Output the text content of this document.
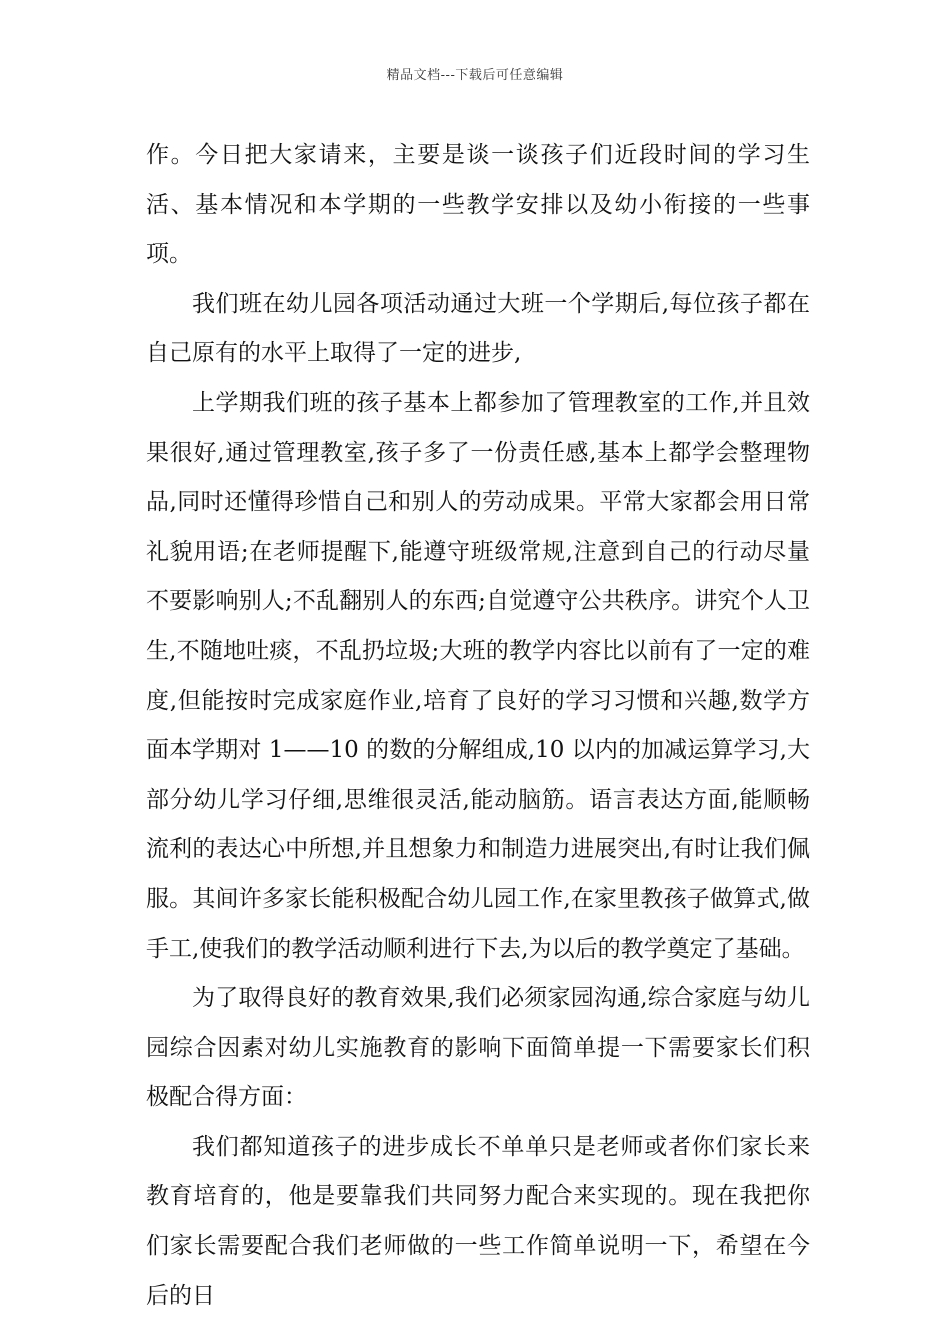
精品文档---下载后可任意编辑

作。今日把大家请来，主要是谈一谈孩子们近段时间的学习生活、基本情况和本学期的一些教学安排以及幼小衔接的一些事项。

我们班在幼儿园各项活动通过大班一个学期后,每位孩子都在自己原有的水平上取得了一定的进步,

上学期我们班的孩子基本上都参加了管理教室的工作,并且效果很好,通过管理教室,孩子多了一份责任感,基本上都学会整理物品,同时还懂得珍惜自己和别人的劳动成果。平常大家都会用日常礼貌用语;在老师提醒下,能遵守班级常规,注意到自己的行动尽量不要影响别人;不乱翻别人的东西;自觉遵守公共秩序。讲究个人卫生,不随地吐痰，不乱扔垃圾;大班的教学内容比以前有了一定的难度,但能按时完成家庭作业,培育了良好的学习习惯和兴趣,数学方面本学期对 1——10 的数的分解组成,10 以内的加减运算学习,大部分幼儿学习仔细,思维很灵活,能动脑筋。语言表达方面,能顺畅流利的表达心中所想,并且想象力和制造力进展突出,有时让我们佩服。其间许多家长能积极配合幼儿园工作,在家里教孩子做算式,做手工,使我们的教学活动顺利进行下去,为以后的教学奠定了基础。

为了取得良好的教育效果,我们必须家园沟通,综合家庭与幼儿园综合因素对幼儿实施教育的影响下面简单提一下需要家长们积极配合得方面：

我们都知道孩子的进步成长不单单只是老师或者你们家长来教育培育的，他是要靠我们共同努力配合来实现的。现在我把你们家长需要配合我们老师做的一些工作简单说明一下，希望在今后的日
